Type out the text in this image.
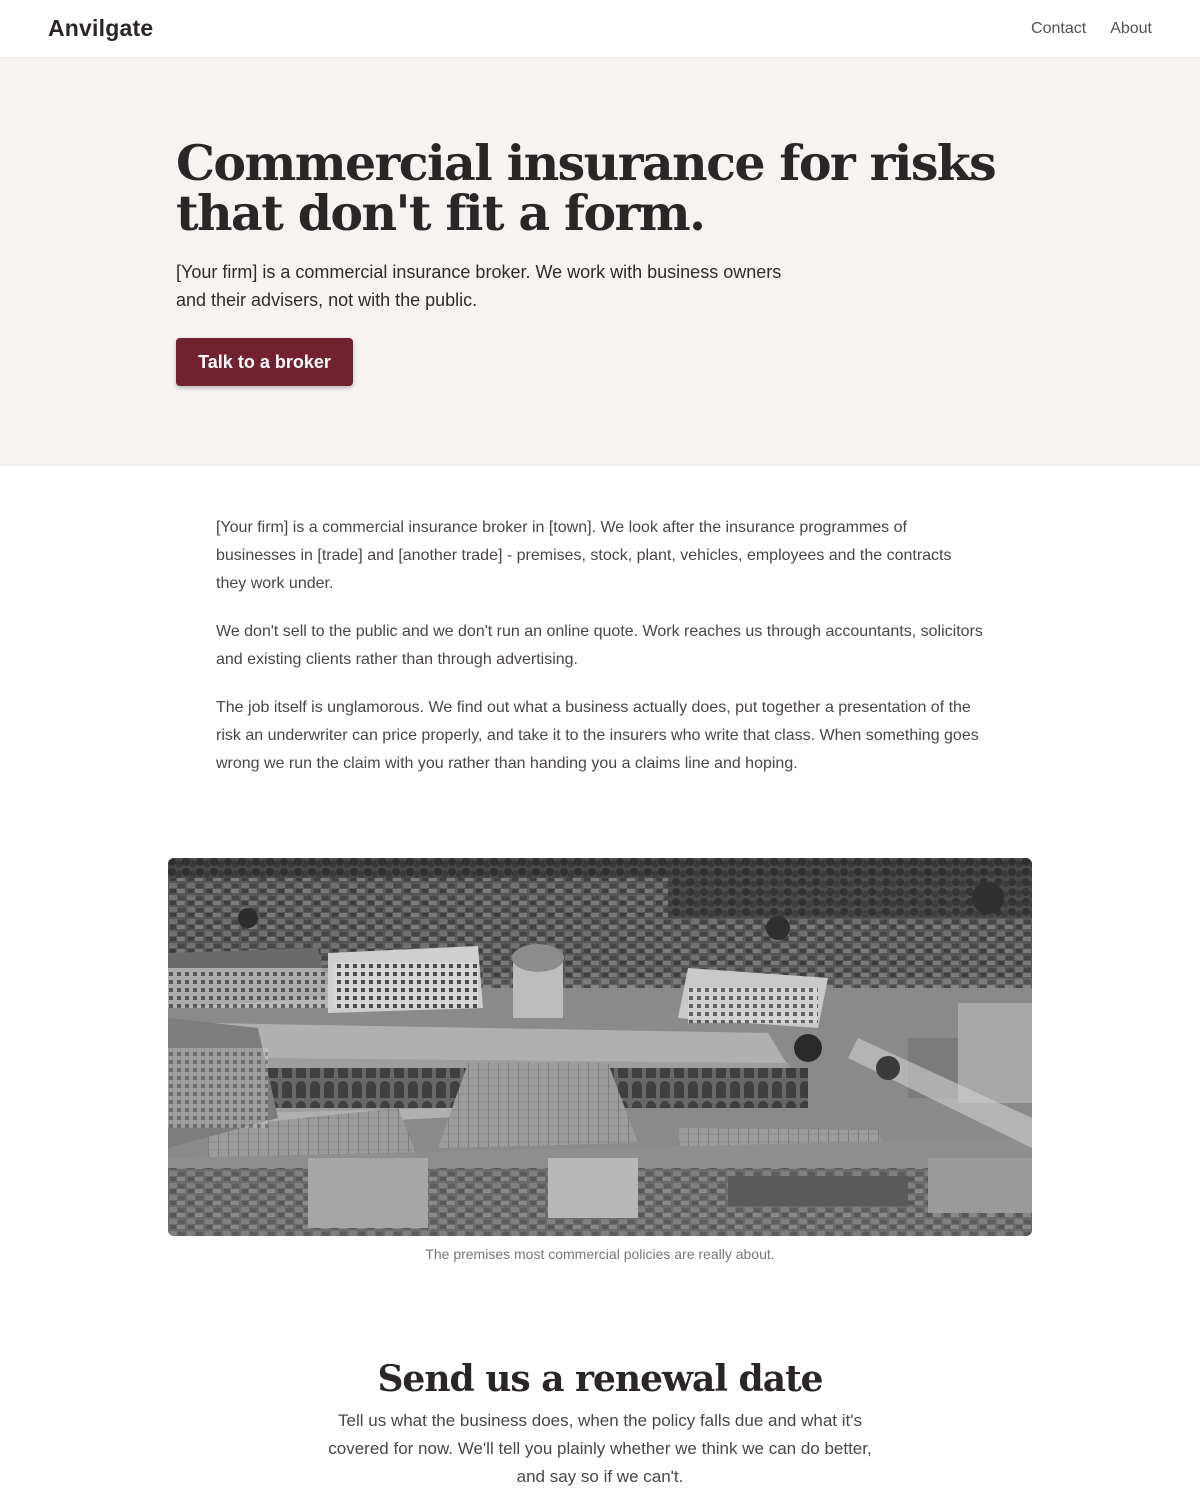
Anvilgate	Contact About
Commercial insurance for risks that don't fit a form.

[Your firm] is a commercial insurance broker. We work with business owners and their advisers, not with the public.

Talk to a broker

[Your firm] is a commercial insurance broker in [town]. We look after the insurance programmes of businesses in [trade] and [another trade] - premises, stock, plant, vehicles, employees and the contracts they work under.

We don't sell to the public and we don't run an online quote. Work reaches us through accountants, solicitors and existing clients rather than through advertising.

The job itself is unglamorous. We find out what a business actually does, put together a presentation of the risk an underwriter can price properly, and take it to the insurers who write that class. When something goes wrong we run the claim with you rather than handing you a claims line and hoping.

The premises most commercial policies are really about.
Send us a renewal date

Tell us what the business does, when the policy falls due and what it's covered for now. We'll tell you plainly whether we think we can do better, and say so if we can't.
